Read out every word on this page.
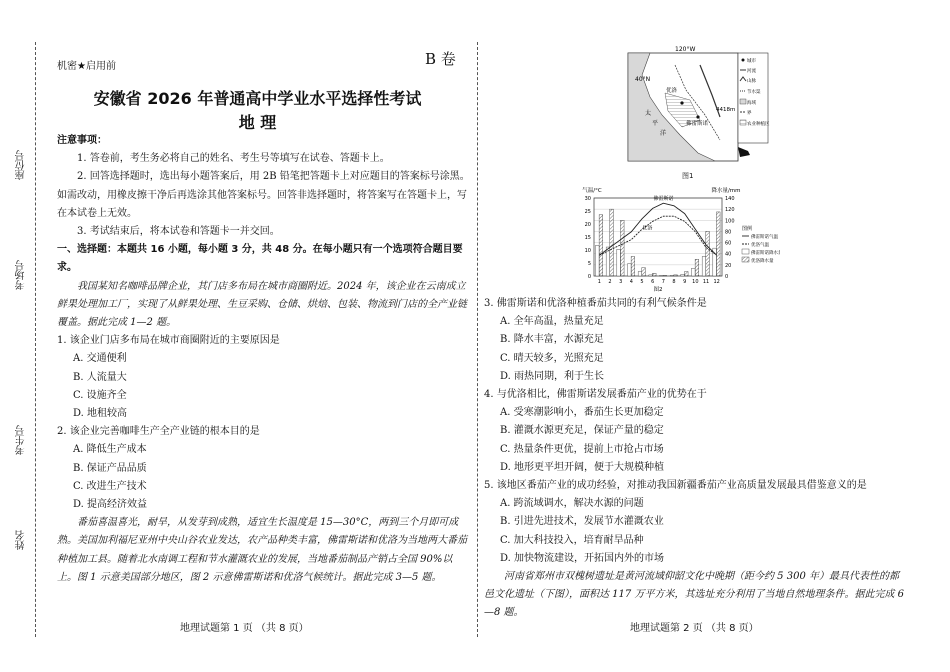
座位号
考场号
考生号
姓名
机密★启用前	B 卷
安徽省 2026 年普通高中学业水平选择性考试
地 理

注意事项：

1. 答卷前，考生务必将自己的姓名、考生号等填写在试卷、答题卡上。

2. 回答选择题时，选出每小题答案后，用 2B 铅笔把答题卡上对应题目的答案标号涂黑。如需改动，用橡皮擦干净后再选涂其他答案标号。回答非选择题时，将答案写在答题卡上，写在本试卷上无效。

3. 考试结束后，将本试卷和答题卡一并交回。

一、选择题：本题共 16 小题，每小题 3 分，共 48 分。在每小题只有一个选项符合题目要求。

我国某知名咖啡品牌企业，其门店多布局在城市商圈附近。2024 年，该企业在云南成立鲜果处理加工厂，实现了从鲜果处理、生豆采购、仓储、烘焙、包装、物流到门店的全产业链覆盖。据此完成 1—2 题。

1. 该企业门店多布局在城市商圈附近的主要原因是

A. 交通便利

B. 人流量大

C. 设施齐全

D. 地租较高

2. 该企业完善咖啡生产全产业链的根本目的是

A. 降低生产成本

B. 保证产品品质

C. 改进生产技术

D. 提高经济效益

番茄喜温喜光，耐旱，从发芽到成熟，适宜生长温度是 15—30°C，两到三个月即可成熟。美国加利福尼亚州中央山谷农业发达，农产品种类丰富，佛雷斯诺和优洛为当地两大番茄种植加工县。随着北水南调工程和节水灌溉农业的发展，当地番茄制品产销占全国 90%以上。图 1 示意美国部分地区，图 2 示意佛雷斯诺和优洛气候统计。据此完成 3—5 题。

地理试题第 1 页 （共 8 页）
40°N
120°W
优洛
佛雷斯诺
4418m
太
平
洋
城市
河流
山脉
节水渠
海域
界
农业种植区
图1
140
120
100
80
60
40
20
0
30
25
20
15
10
5
0
气温/°C	降水量/mm
1 2 3 4 5 6 7 8 9 10 11 12
佛雷斯诺
优洛
图2
图例
佛雷斯诺气温
优洛气温
佛雷斯诺降水量
优洛降水量

3. 佛雷斯诺和优洛种植番茄共同的有利气候条件是

A. 全年高温，热量充足

B. 降水丰富，水源充足

C. 晴天较多，光照充足

D. 雨热同期，利于生长

4. 与优洛相比，佛雷斯诺发展番茄产业的优势在于

A. 受寒潮影响小，番茄生长更加稳定

B. 灌溉水源更充足，保证产量的稳定

C. 热量条件更优，提前上市抢占市场

D. 地形更平坦开阔，便于大规模种植

5. 该地区番茄产业的成功经验，对推动我国新疆番茄产业高质量发展最具借鉴意义的是

A. 跨流域调水，解决水源的问题

B. 引进先进技术，发展节水灌溉农业

C. 加大科技投入，培育耐旱品种

D. 加快物流建设，开拓国内外的市场

河南省郑州市双槐树遗址是黄河流域仰韶文化中晚期（距今约 5 300 年）最具代表性的都邑文化遗址（下图），面积达 117 万平方米，其选址充分利用了当地自然地理条件。据此完成 6—8 题。

地理试题第 2 页 （共 8 页）
